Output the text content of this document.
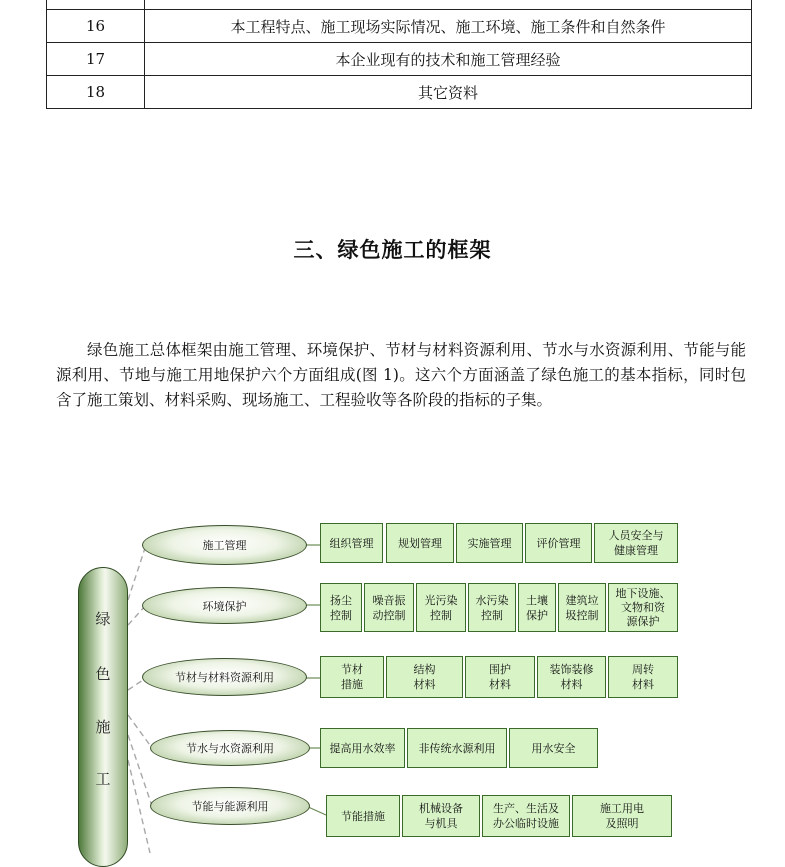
16	本工程特点、施工现场实际情况、施工环境、施工条件和自然条件
17	本企业现有的技术和施工管理经验
18	其它资料
三、绿色施工的框架

绿色施工总体框架由施工管理、环境保护、节材与材料资源利用、节水与水资源利用、节能与能源利用、节地与施工用地保护六个方面组成(图 1)。这六个方面涵盖了绿色施工的基本指标，同时包含了施工策划、材料采购、现场施工、工程验收等各阶段的指标的子集。

绿
色
施
工
施工管理	组织管理	规划管理	实施管理	评价管理
人员安全与
健康管理
环境保护	扬尘
控制
噪音振
动控制
光污染
控制
水污染
控制
土壤
保护
建筑垃
圾控制
地下设施、
文物和资
源保护
节材与材料资源利用
节材
措施
结构
材料
围护
材料
装饰装修
材料
周转
材料
节水与水资源利用	提高用水效率	非传统水源利用	用水安全
节能与能源利用
节能措施
机械设备
与机具
生产、生活及
办公临时设施
施工用电
及照明
